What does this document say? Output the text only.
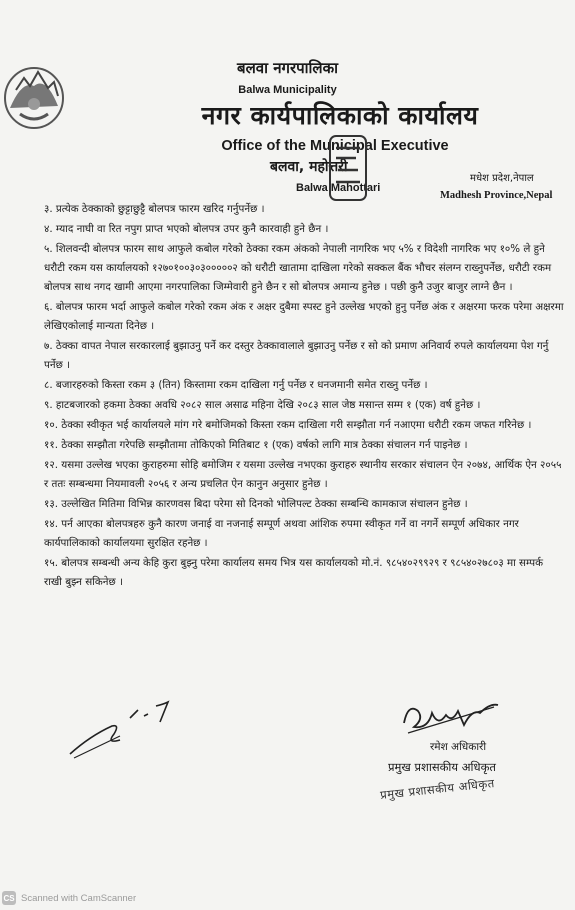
बलवा नगरपालिका
Balwa Municipality
नगर कार्यपालिकाको कार्यालय
Office of the Municipal Executive
बलवा, महोत्तरी
Balwa Mahottari
मधेश प्रदेश,नेपाल
Madhesh Province,Nepal
३. प्रत्येक ठेक्काको छुट्टाछुट्टै बोलपत्र फारम खरिद गर्नुपर्नेछ ।
४. म्याद नाघी वा रित नपुग प्राप्त भएको बोलपत्र उपर कुनै कारवाही हुने छैन ।
५. शिलवन्दी बोलपत्र फारम साथ आफुले कबोल गरेको ठेक्का रकम अंकको नेपाली नागरिक भए ५% र विदेशी नागरिक भए १०% ले हुने धरौटी रकम यस कार्यालयको १२७०१००३०३०००००२ को धरौटी खातामा दाखिला गरेको सक्कल बैंक भौचर संलग्न राख्नुपर्नेछ, धरौटी रकम बोलपत्र साथ नगद खामी आएमा नगरपालिका जिम्मेवारी हुने छैन र सो बोलपत्र अमान्य हुनेछ । पछी कुनै उजुर बाजुर लाग्ने छैन ।
६. बोलपत्र फारम भर्दा आफुले कबोल गरेको रकम अंक र अक्षर दुबैमा स्पस्ट हुने उल्लेख भएको हुनु पर्नेछ अंक र अक्षरमा फरक परेमा अक्षरमा लेखिएकोलाई मान्यता दिनेछ ।
७. ठेक्का वापत नेपाल सरकारलाई बुझाउनु पर्ने कर दस्तुर ठेक्कावालाले बुझाउनु पर्नेछ र सो को प्रमाण अनिवार्य रुपले कार्यालयमा पेश गर्नु पर्नेछ ।
८. बजारहरुको किस्ता रकम ३ (तिन) किस्तामा रकम दाखिला गर्नु पर्नेछ र धनजमानी समेत राख्नु पर्नेछ ।
९. हाटबजारको हकमा ठेक्का अवधि २०८२ साल असाढ महिना देखि २०८३ साल जेष्ठ मसान्त सम्म १ (एक) वर्ष हुनेछ ।
१०. ठेक्का स्वीकृत भई कार्यालयले मांग गरे बमोजिमको किस्ता रकम दाखिला गरी सम्झौता गर्न नआएमा धरौटी रकम जफत गरिनेछ ।
११. ठेक्का सम्झौता गरेपछि सम्झौतामा तोकिएको मितिबाट १ (एक) वर्षको लागि मात्र ठेक्का संचालन गर्न पाइनेछ ।
१२. यसमा उल्लेख भएका कुराहरुमा सोहि बमोजिम र यसमा उल्लेख नभएका कुराहरु स्थानीय सरकार संचालन ऐन २०७४, आर्थिक ऐन २०५५ र ततः सम्बन्धमा नियमावली २०५६ र अन्य प्रचलित ऐन कानुन अनुसार हुनेछ ।
१३. उल्लेखित मितिमा विभिन्न कारणवस बिदा परेमा सो दिनको भोलिपल्ट ठेक्का सम्बन्धि कामकाज संचालन हुनेछ ।
१४. पर्न आएका बोलपत्रहरु कुनै कारण जनाई वा नजनाई सम्पूर्ण अथवा आंशिक रुपमा स्वीकृत गर्ने वा नगर्ने सम्पूर्ण अधिकार नगर कार्यपालिकाको कार्यालयमा सुरक्षित रहनेछ ।
१५. बोलपत्र सम्बन्धी अन्य केहि कुरा बुझ्नु परेमा कार्यालय समय भित्र यस कार्यालयको मो.नं. ९८५४०२९९२९ र ९८५४०२७८०३ मा सम्पर्क राखी बुझ्न सकिनेछ ।
रमेश अधिकारी
प्रमुख प्रशासकीय अधिकृत
प्रमुख प्रशासकीय अधिकृत
CS Scanned with CamScanner
